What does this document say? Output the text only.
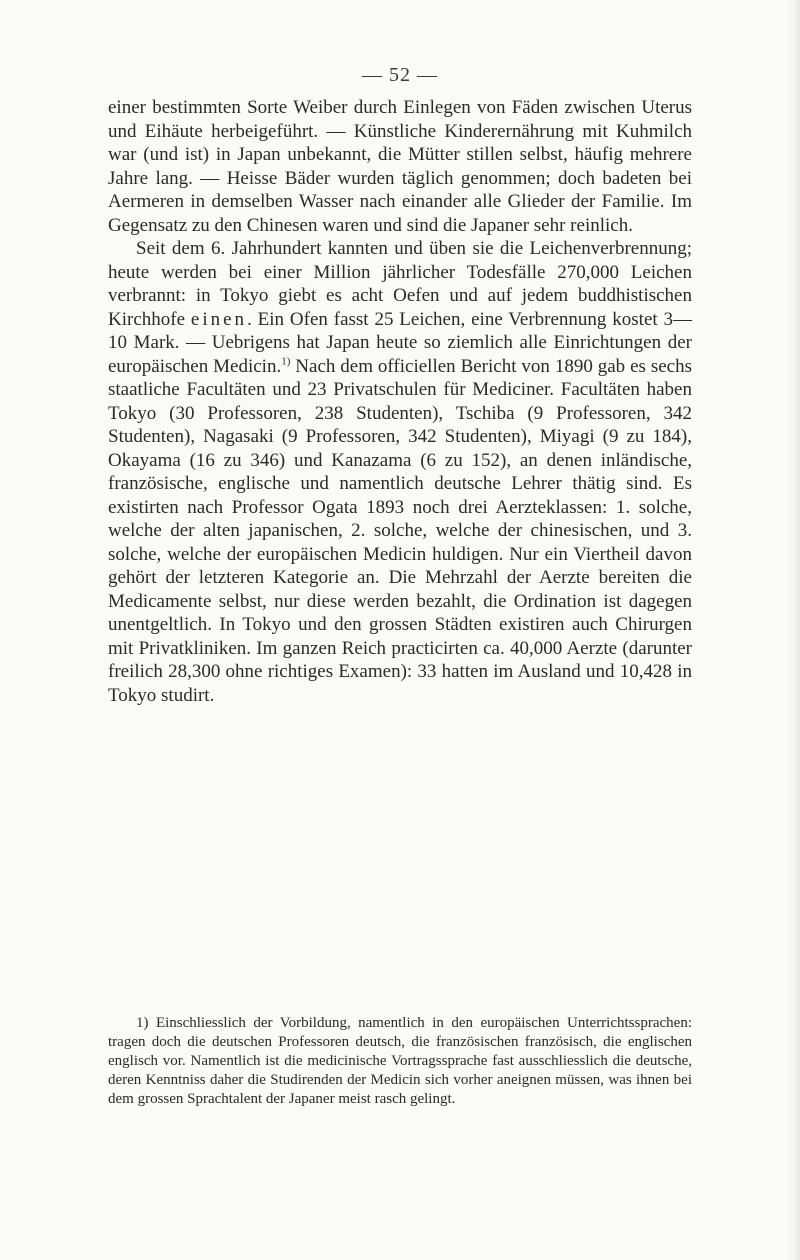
— 52 —

einer bestimmten Sorte Weiber durch Einlegen von Fäden zwischen Uterus und Eihäute herbeigeführt. — Künstliche Kinderernährung mit Kuhmilch war (und ist) in Japan unbekannt, die Mütter stillen selbst, häufig mehrere Jahre lang. — Heisse Bäder wurden täglich genommen; doch badeten bei Aermeren in demselben Wasser nach einander alle Glieder der Familie. Im Gegensatz zu den Chinesen waren und sind die Japaner sehr reinlich.

Seit dem 6. Jahrhundert kannten und üben sie die Leichenverbrennung; heute werden bei einer Million jährlicher Todesfälle 270,000 Leichen verbrannt: in Tokyo giebt es acht Oefen und auf jedem buddhistischen Kirchhofe einen. Ein Ofen fasst 25 Leichen, eine Verbrennung kostet 3—10 Mark. — Uebrigens hat Japan heute so ziemlich alle Einrichtungen der europäischen Medicin.$^{1)}$ Nach dem officiellen Bericht von 1890 gab es sechs staatliche Facultäten und 23 Privatschulen für Mediciner. Facultäten haben Tokyo (30 Professoren, 238 Studenten), Tschiba (9 Professoren, 342 Studenten), Nagasaki (9 Professoren, 342 Studenten), Miyagi (9 zu 184), Okayama (16 zu 346) und Kanazama (6 zu 152), an denen inländische, französische, englische und namentlich deutsche Lehrer thätig sind. Es existirten nach Professor Ogata 1893 noch drei Aerzteklassen: 1. solche, welche der alten japanischen, 2. solche, welche der chinesischen, und 3. solche, welche der europäischen Medicin huldigen. Nur ein Viertheil davon gehört der letzteren Kategorie an. Die Mehrzahl der Aerzte bereiten die Medicamente selbst, nur diese werden bezahlt, die Ordination ist dagegen unentgeltlich. In Tokyo und den grossen Städten existiren auch Chirurgen mit Privatkliniken. Im ganzen Reich practicirten ca. 40,000 Aerzte (darunter freilich 28,300 ohne richtiges Examen): 33 hatten im Ausland und 10,428 in Tokyo studirt.

1) Einschliesslich der Vorbildung, namentlich in den europäischen Unterrichtssprachen: tragen doch die deutschen Professoren deutsch, die französischen französisch, die englischen englisch vor. Namentlich ist die medicinische Vortragssprache fast ausschliesslich die deutsche, deren Kenntniss daher die Studirenden der Medicin sich vorher aneignen müssen, was ihnen bei dem grossen Sprachtalent der Japaner meist rasch gelingt.
